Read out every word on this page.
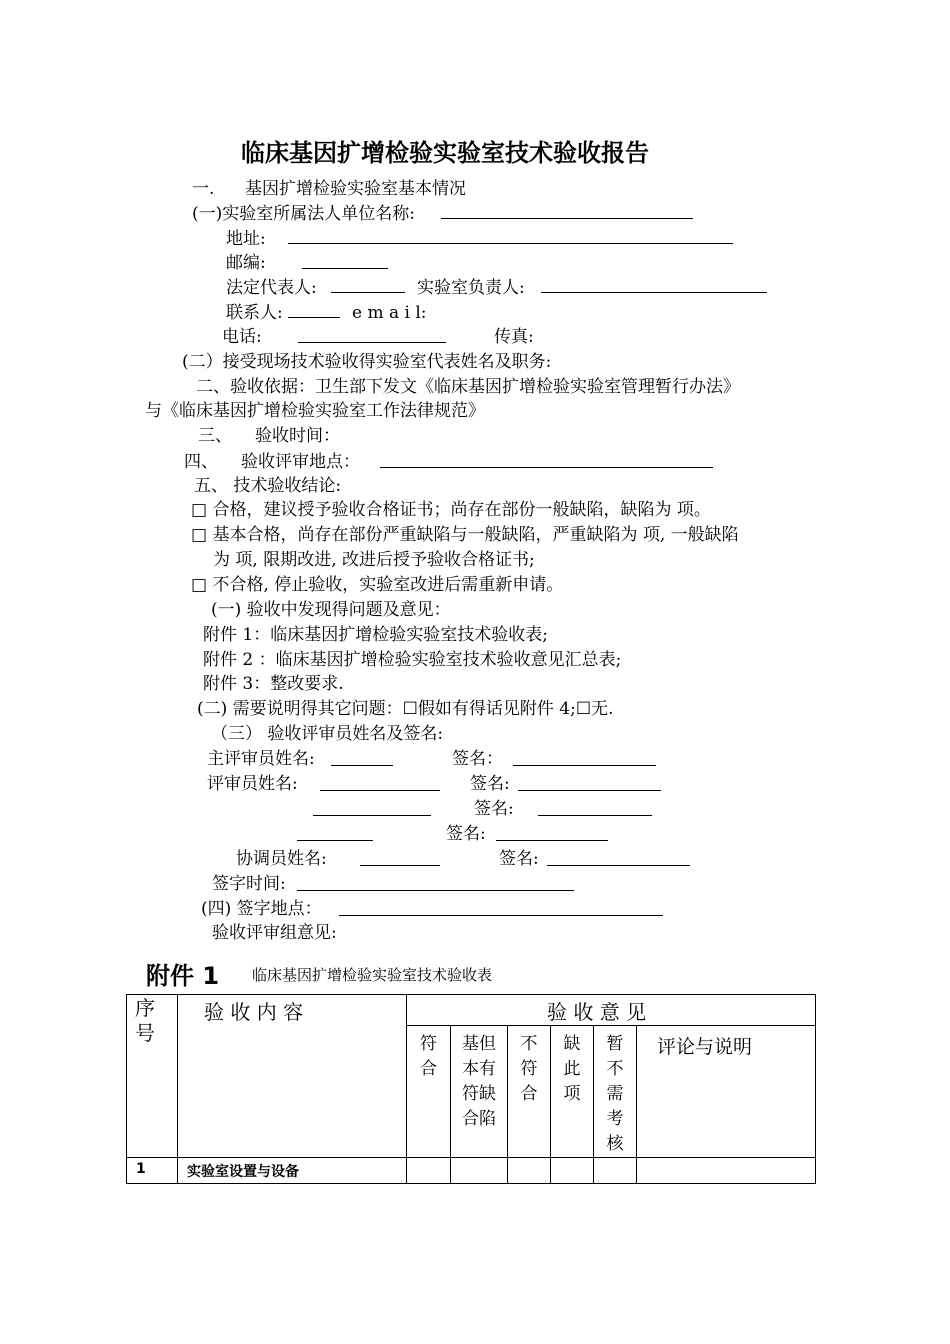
临床基因扩增检验实验室技术验收报告
一. 基因扩增检验实验室基本情况
(一)实验室所属法人单位名称:
地址:
邮编:
法定代表人:	实验室负责人:
联系人:	e m a i l:
电话:	传真:
(二）接受现场技术验收得实验室代表姓名及职务:
二、验收依据：卫生部下发文《临床基因扩增检验实验室管理暂行办法》
与《临床基因扩增检验实验室工作法律规范》
三、 验收时间：
四、 验收评审地点：
五、 技术验收结论:
□ 合格，建议授予验收合格证书；尚存在部份一般缺陷，缺陷为 项。
□ 基本合格，尚存在部份严重缺陷与一般缺陷，严重缺陷为 项, 一般缺陷
为 项, 限期改进, 改进后授予验收合格证书;
□ 不合格, 停止验收，实验室改进后需重新申请。
(一) 验收中发现得问题及意见：
附件 1：临床基因扩增检验实验室技术验收表;
附件 2 ：临床基因扩增检验实验室技术验收意见汇总表;
附件 3：整改要求.
(二) 需要说明得其它问题：☐假如有得话见附件 4;☐无.
（三） 验收评审员姓名及签名:
主评审员姓名:	签名：
评审员姓名:	签名:
签名:
签名:
协调员姓名:	签名:
签字时间:
(四) 签字地点：
验收评审组意见:
附件 1 临床基因扩增检验实验室技术验收表
序号	验 收 内 容	验 收 意 见					

		符合	基但本有符缺合陷	不符合	缺此项	暂不需考核	评论与说明

1	实验室设置与设备						
